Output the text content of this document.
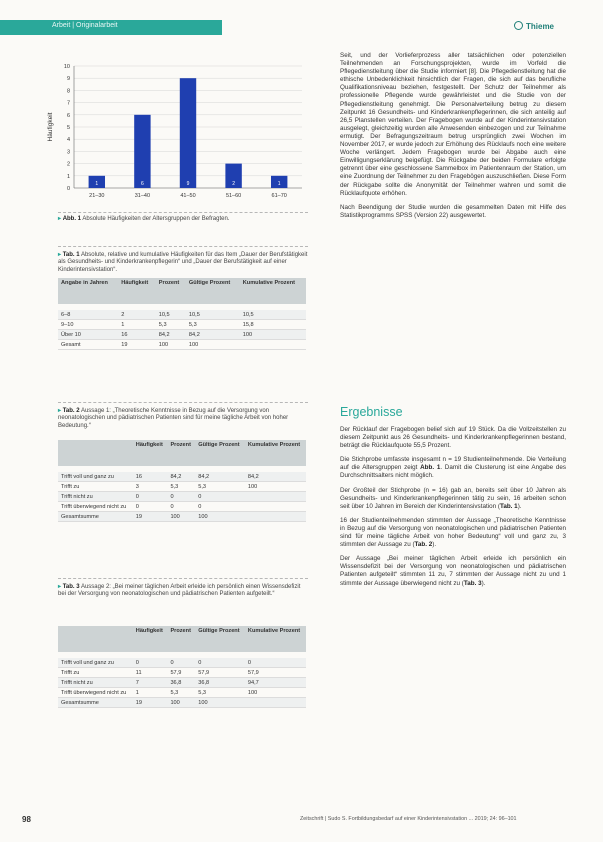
Arbeit | Originalarbeit	Thieme
0
1
2
3
4
5
6
7
8
9
10
Häufigkeit
1
21–30
6
31–40
9
41–50
2
51–60
1
61–70
▸ Abb. 1 Absolute Häufigkeiten der Altersgruppen der Befragten.
▸ Tab. 1 Absolute, relative und kumulative Häufigkeiten für das Item „Dauer der Berufstätigkeit als Gesundheits- und Kinderkrankenpflegerin“ und „Dauer der Berufstätigkeit auf einer Kinderintensivstation“.
Angabe in Jahren	Häufigkeit	Prozent	Gültige Prozent	Kumulative Prozent

6–8	2	10,5	10,5	10,5
9–10	1	5,3	5,3	15,8
Über 10	16	84,2	84,2	100
Gesamt	19	100	100	
▸ Tab. 2 Aussage 1: „Theoretische Kenntnisse in Bezug auf die Versorgung von neonatologischen und pädiatrischen Patienten sind für meine tägliche Arbeit von hoher Bedeutung.“
	Häufigkeit	Prozent	Gültige Prozent	Kumulative Prozent

Trifft voll und ganz zu	16	84,2	84,2	84,2
Trifft zu	3	5,3	5,3	100
Trifft nicht zu	0	0	0	
Trifft überwiegend nicht zu	0	0	0	
Gesamtsumme	19	100	100	
▸ Tab. 3 Aussage 2: „Bei meiner täglichen Arbeit erleide ich persönlich einen Wissensdefizit bei der Versorgung von neonatologischen und pädiatrischen Patienten aufgeteilt.“
	Häufigkeit	Prozent	Gültige Prozent	Kumulative Prozent

Trifft voll und ganz zu	0	0	0	0
Trifft zu	11	57,9	57,9	57,9
Trifft nicht zu	7	36,8	36,8	94,7
Trifft überwiegend nicht zu	1	5,3	5,3	100
Gesamtsumme	19	100	100	

Seit, und der Vorlieferprozess aller tatsächlichen oder potenziellen Teilnehmenden an Forschungsprojekten, wurde im Vorfeld die Pflegedienstleitung über die Studie informiert [8]. Die Pflegedienstleitung hat die ethische Unbedenklichkeit hinsichtlich der Fragen, die sich auf das berufliche Qualifikationsniveau beziehen, festgestellt. Der Schutz der Teilnehmer als professionelle Pflegende wurde gewährleistet und die Studie von der Pflegedienstleitung genehmigt. Die Personalverteilung betrug zu diesem Zeitpunkt 16 Gesundheits- und Kinderkrankenpflegerinnen, die sich anteilig auf 26,5 Planstellen verteilen. Der Fragebogen wurde auf der Kinderintensivstation ausgelegt, gleichzeitig wurden alle Anwesenden einbezogen und zur Teilnahme ermutigt. Der Befragungszeitraum betrug ursprünglich zwei Wochen im November 2017, er wurde jedoch zur Erhöhung des Rücklaufs noch eine weitere Woche verlängert. Jedem Fragebogen wurde bei Abgabe auch eine Einwilligungserklärung beigefügt. Die Rückgabe der beiden Formulare erfolgte getrennt über eine geschlossene Sammelbox im Patientenraum der Station, um eine Zuordnung der Teilnehmer zu den Fragebögen auszuschließen. Diese Form der Rückgabe sollte die Anonymität der Teilnehmer wahren und somit die Rücklaufquote erhöhen.

Nach Beendigung der Studie wurden die gesammelten Daten mit Hilfe des Statistikprogramms SPSS (Version 22) ausgewertet.

Ergebnisse

Der Rücklauf der Fragebogen belief sich auf 19 Stück. Da die Vollzeitstellen zu diesem Zeitpunkt aus 26 Gesundheits- und Kinderkrankenpflegerinnen bestand, beträgt die Rücklaufquote 55,5 Prozent.

Die Stichprobe umfasste insgesamt n = 19 Studienteilnehmende. Die Verteilung auf die Altersgruppen zeigt Abb. 1. Damit die Clusterung ist eine Angabe des Durchschnittsalters nicht möglich.

Der Großteil der Stichprobe (n = 16) gab an, bereits seit über 10 Jahren als Gesundheits- und Kinderkrankenpflegerinnen tätig zu sein, 16 arbeiten schon seit über 10 Jahren im Bereich der Kinderintensivstation (Tab. 1).

16 der Studienteilnehmenden stimmten der Aussage „Theoretische Kenntnisse in Bezug auf die Versorgung von neonatologischen und pädiatrischen Patienten sind für meine tägliche Arbeit von hoher Bedeutung“ voll und ganz zu, 3 stimmten der Aussage zu (Tab. 2).

Der Aussage „Bei meiner täglichen Arbeit erleide ich persönlich ein Wissensdefizit bei der Versorgung von neonatologischen und pädiatrischen Patienten aufgeteilt“ stimmten 11 zu, 7 stimmten der Aussage nicht zu und 1 stimmte der Aussage überwiegend nicht zu (Tab. 3).

98	Zeitschrift | Sudo S. Fortbildungsbedarf auf einer Kinderintensivstation ... 2019; 24: 96–101
